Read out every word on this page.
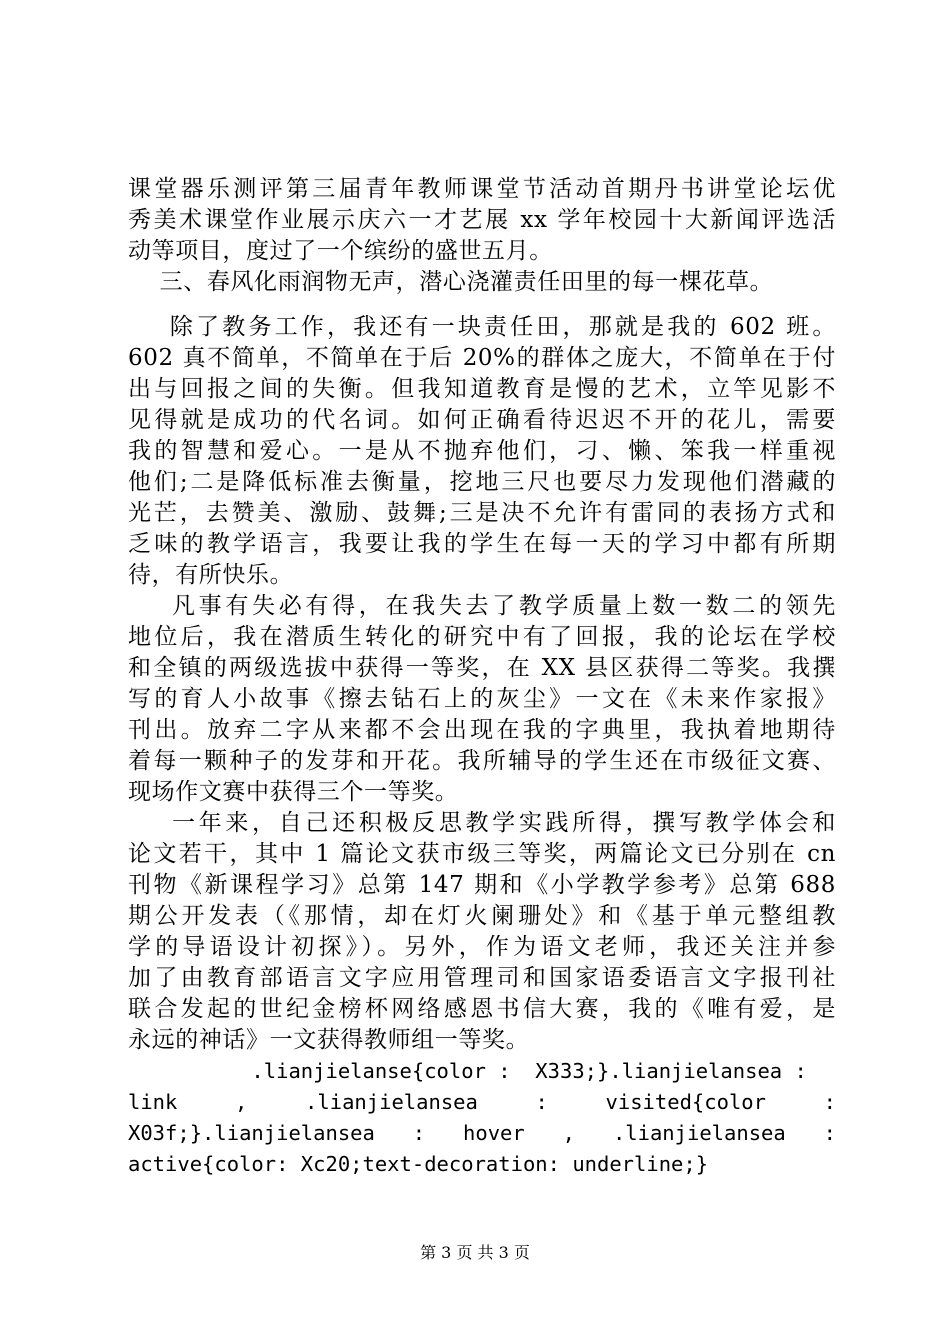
课堂器乐测评第三届青年教师课堂节活动首期丹书讲堂论坛优
秀美术课堂作业展示庆六一才艺展 xx 学年校园十大新闻评选活
动等项目，度过了一个缤纷的盛世五月。
三、春风化雨润物无声，潜心浇灌责任田里的每一棵花草。
除了教务工作，我还有一块责任田，那就是我的 602 班。
602 真不简单，不简单在于后 20%的群体之庞大，不简单在于付
出与回报之间的失衡。但我知道教育是慢的艺术，立竿见影不
见得就是成功的代名词。如何正确看待迟迟不开的花儿，需要
我的智慧和爱心。一是从不抛弃他们，刁、懒、笨我一样重视
他们;二是降低标准去衡量，挖地三尺也要尽力发现他们潜藏的
光芒，去赞美、激励、鼓舞;三是决不允许有雷同的表扬方式和
乏味的教学语言，我要让我的学生在每一天的学习中都有所期
待，有所快乐。
凡事有失必有得，在我失去了教学质量上数一数二的领先
地位后，我在潜质生转化的研究中有了回报，我的论坛在学校
和全镇的两级选拔中获得一等奖，在 XX 县区获得二等奖。我撰
写的育人小故事《擦去钻石上的灰尘》一文在《未来作家报》
刊出。放弃二字从来都不会出现在我的字典里，我执着地期待
着每一颗种子的发芽和开花。我所辅导的学生还在市级征文赛、
现场作文赛中获得三个一等奖。
一年来，自己还积极反思教学实践所得，撰写教学体会和
论文若干，其中 1 篇论文获市级三等奖，两篇论文已分别在 cn
刊物《新课程学习》总第 147 期和《小学教学参考》总第 688
期公开发表（《那情，却在灯火阑珊处》和《基于单元整组教
学的导语设计初探》）。另外，作为语文老师，我还关注并参
加了由教育部语言文字应用管理司和国家语委语言文字报刊社
联合发起的世纪金榜杯网络感恩书信大赛，我的《唯有爱，是
永远的神话》一文获得教师组一等奖。
.lianjielanse{color :  X333;}.lianjielansea :
link , .lianjielansea : visited{color :
X03f;}.lianjielansea : hover , .lianjielansea :
active{color: Xc20;text-decoration: underline;}
第 3 页 共 3 页
